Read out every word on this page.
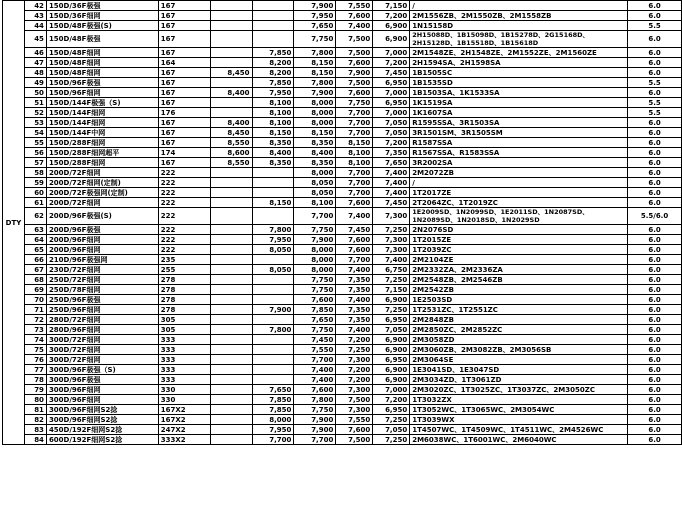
DTY	42	150D/36F极强	167			7,900	7,550	7,150	/	6.0
	43	150D/36F细网	167			7,950	7,600	7,200	2M1556ZB、2M1550ZB、2M1558ZB	6.0
	44	150D/48F极强(S)	167			7,650	7,400	6,900	1N15158D	5.5
	45	150D/48F极强	167			7,750	7,500	6,900	2H15088D、1B15098D、1B15278D、2G15168D、2H15128D、1B15518D、1B15618D	6.0
	46	150D/48F细网	167		7,850	7,800	7,500	7,000	2M1548ZE、2H1548ZE、2M1552ZE、2M1560ZE	6.0
	47	150D/48F细网	164		8,200	8,150	7,600	7,200	2H1594SA、2H1598SA	6.0
	48	150D/48F细网	167	8,450	8,200	8,150	7,900	7,450	1B1505SC	6.0
	49	150D/96F极强	167		7,850	7,800	7,500	6,950	1B1535SD	5.5
	50	150D/96F细网	167	8,400	7,950	7,900	7,600	7,000	1B1503SA、1K1533SA	6.0
	51	150D/144F极强（S)	167		8,100	8,000	7,750	6,950	1K1519SA	5.5
	52	150D/144F细网	176		8,100	8,000	7,700	7,000	1K1607SA	5.5
	53	150D/144F细网	167	8,400	8,100	8,000	7,700	7,050	R1595SSA、3R1503SA	6.0
	54	150D/144F中网	167	8,450	8,150	8,150	7,700	7,050	3R1501SM、3R1505SM	6.0
	55	150D/288F细网	167	8,550	8,350	8,350	8,150	7,200	R1587SSA	6.0
	56	150D/288F细网超平	174	8,600	8,400	8,400	8,100	7,350	R1567SSA、R1583SSA	6.0
	57	150D/288F细网	167	8,550	8,350	8,350	8,100	7,650	3R2002SA	6.0
	58	200D/72F细网	222			8,000	7,700	7,400	2M2072ZB	6.0
	59	200D/72F细网(定制)	222			8,050	7,700	7,400	/	6.0
	60	200D/72F极强网(定制)	222			8,050	7,700	7,400	1T2017ZE	6.0
	61	200D/72F细网	222		8,150	8,100	7,600	7,450	2T2064ZC、1T2019ZC	6.0
	62	200D/96F极强(S)	222			7,700	7,400	7,300	1E2009SD、1N2099SD、1E2011SD、1N2087SD、1N2089SD、1N2018SD、1N2029SD	5.5/6.0
	63	200D/96F极强	222		7,800	7,750	7,450	7,250	2N2076SD	6.0
	64	200D/96F细网	222		7,950	7,900	7,600	7,300	1T2015ZE	6.0
	65	200D/96F细网	222		8,050	8,000	7,600	7,300	1T2039ZC	6.0
	66	210D/96F极强网	235			8,000	7,700	7,400	2M2104ZE	6.0
	67	230D/72F细网	255		8,050	8,000	7,400	6,750	2M2332ZA、2M2336ZA	6.0
	68	250D/72F细网	278			7,750	7,350	7,250	2M2548ZB、2M2546ZB	6.0
	69	250D/78F细网	278			7,750	7,350	7,150	2M2542ZB	6.0
	70	250D/96F极强	278			7,600	7,400	6,900	1E2503SD	6.0
	71	250D/96F细网	278		7,900	7,850	7,350	7,250	1T2531ZC、1T2551ZC	6.0
	72	280D/72F细网	305			7,650	7,350	6,950	2M2848ZB	6.0
	73	280D/96F细网	305		7,800	7,750	7,400	7,050	2M2850ZC、2M2852ZC	6.0
	74	300D/72F细网	333			7,450	7,200	6,900	2M3058ZD	6.0
	75	300D/72F细网	333			7,550	7,250	6,900	2M3060ZB、2M3082ZB、2M3056SB	6.0
	76	300D/72F细网	333			7,700	7,300	6,950	2M3064SE	6.0
	77	300D/96F极强（S)	333			7,400	7,200	6,900	1E3041SD、1E3047SD	6.0
	78	300D/96F极强	333			7,400	7,200	6,900	2M3034ZD、1T3061ZD	6.0
	79	300D/96F细网	330		7,650	7,600	7,300	7,000	2M3020ZC、1T3025ZC、1T3037ZC、2M3050ZC	6.0
	80	300D/96F细网	330		7,850	7,800	7,500	7,200	1T3032ZX	6.0
	81	300D/96F细网S2捻	167X2		7,850	7,750	7,300	6,950	1T3052WC、1T3065WC、2M3054WC	6.0
	82	300D/96F细网S2捻	167X2		8,000	7,900	7,550	7,250	1T3039WX	6.0
	83	450D/192F细网S2捻	247X2		7,950	7,900	7,600	7,050	1T4507WC、1T4509WC、1T4511WC、2M4526WC	6.0
	84	600D/192F细网S2捻	333X2		7,700	7,700	7,500	7,250	2M6038WC、1T6001WC、2M6040WC	6.0
